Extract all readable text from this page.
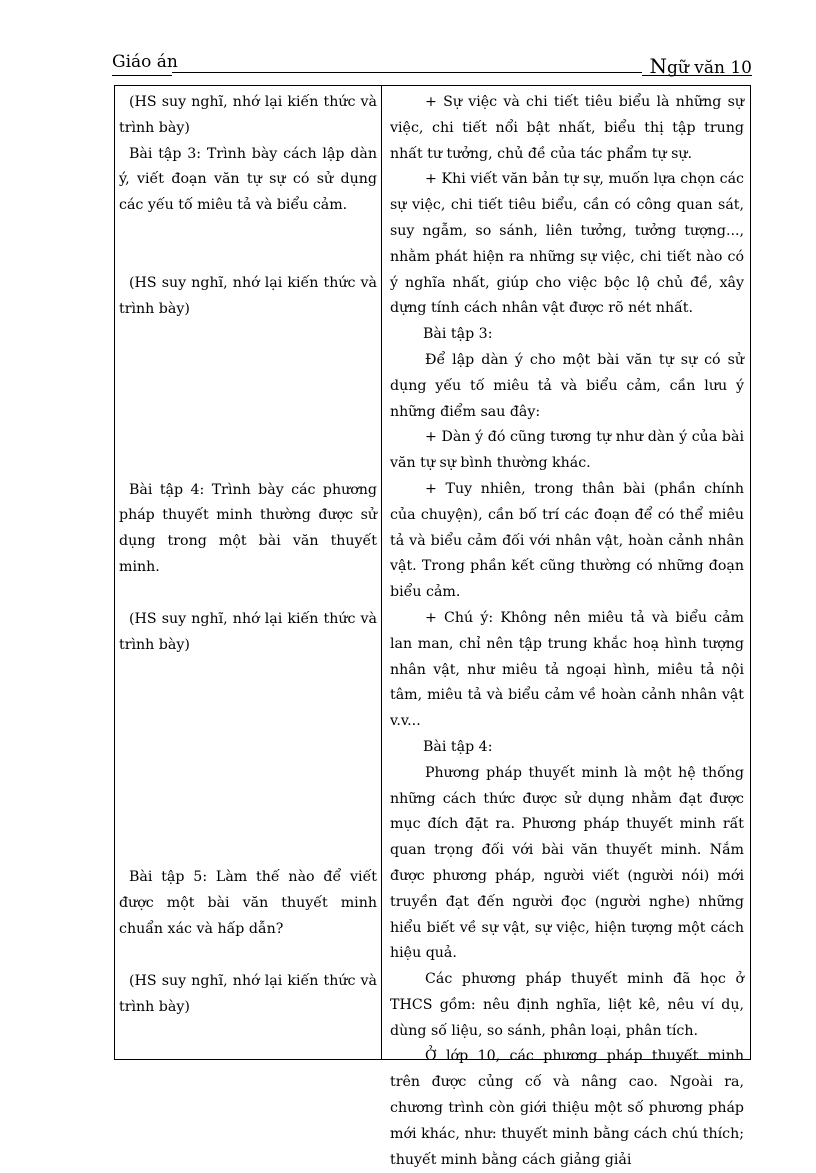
Giáo án	Ngữ văn 10

(HS suy nghĩ, nhớ lại kiến thức và trình bày)

Bài tập 3: Trình bày cách lập dàn ý, viết đoạn văn tự sự có sử dụng các yếu tố miêu tả và biểu cảm.

(HS suy nghĩ, nhớ lại kiến thức và trình bày)

Bài tập 4: Trình bày các phương pháp thuyết minh thường được sử dụng trong một bài văn thuyết minh.

(HS suy nghĩ, nhớ lại kiến thức và trình bày)

Bài tập 5: Làm thế nào để viết được một bài văn thuyết minh chuẩn xác và hấp dẫn?

(HS suy nghĩ, nhớ lại kiến thức và trình bày)

+ Sự việc và chi tiết tiêu biểu là những sự việc, chi tiết nổi bật nhất, biểu thị tập trung nhất tư tưởng, chủ đề của tác phẩm tự sự.

+ Khi viết văn bản tự sự, muốn lựa chọn các sự việc, chi tiết tiêu biểu, cần có công quan sát, suy ngẫm, so sánh, liên tưởng, tưởng tượng..., nhằm phát hiện ra những sự việc, chi tiết nào có ý nghĩa nhất, giúp cho việc bộc lộ chủ đề, xây dựng tính cách nhân vật được rõ nét nhất.

Bài tập 3:

Để lập dàn ý cho một bài văn tự sự có sử dụng yếu tố miêu tả và biểu cảm, cần lưu ý những điểm sau đây:

+ Dàn ý đó cũng tương tự như dàn ý của bài văn tự sự bình thường khác.

+ Tuy nhiên, trong thân bài (phần chính của chuyện), cần bố trí các đoạn để có thể miêu tả và biểu cảm đối với nhân vật, hoàn cảnh nhân vật. Trong phần kết cũng thường có những đoạn biểu cảm.

+ Chú ý: Không nên miêu tả và biểu cảm lan man, chỉ nên tập trung khắc hoạ hình tượng nhân vật, như miêu tả ngoại hình, miêu tả nội tâm, miêu tả và biểu cảm về hoàn cảnh nhân vật v.v...

Bài tập 4:

Phương pháp thuyết minh là một hệ thống những cách thức được sử dụng nhằm đạt được mục đích đặt ra. Phương pháp thuyết minh rất quan trọng đối với bài văn thuyết minh. Nắm được phương pháp, người viết (người nói) mới truyền đạt đến người đọc (người nghe) những hiểu biết về sự vật, sự việc, hiện tượng một cách hiệu quả.

Các phương pháp thuyết minh đã học ở THCS gồm: nêu định nghĩa, liệt kê, nêu ví dụ, dùng số liệu, so sánh, phân loại, phân tích.

Ở lớp 10, các phương pháp thuyết minh trên được củng cố và nâng cao. Ngoài ra, chương trình còn giới thiệu một số phương pháp mới khác, như: thuyết minh bằng cách chú thích; thuyết minh bằng cách giảng giải
